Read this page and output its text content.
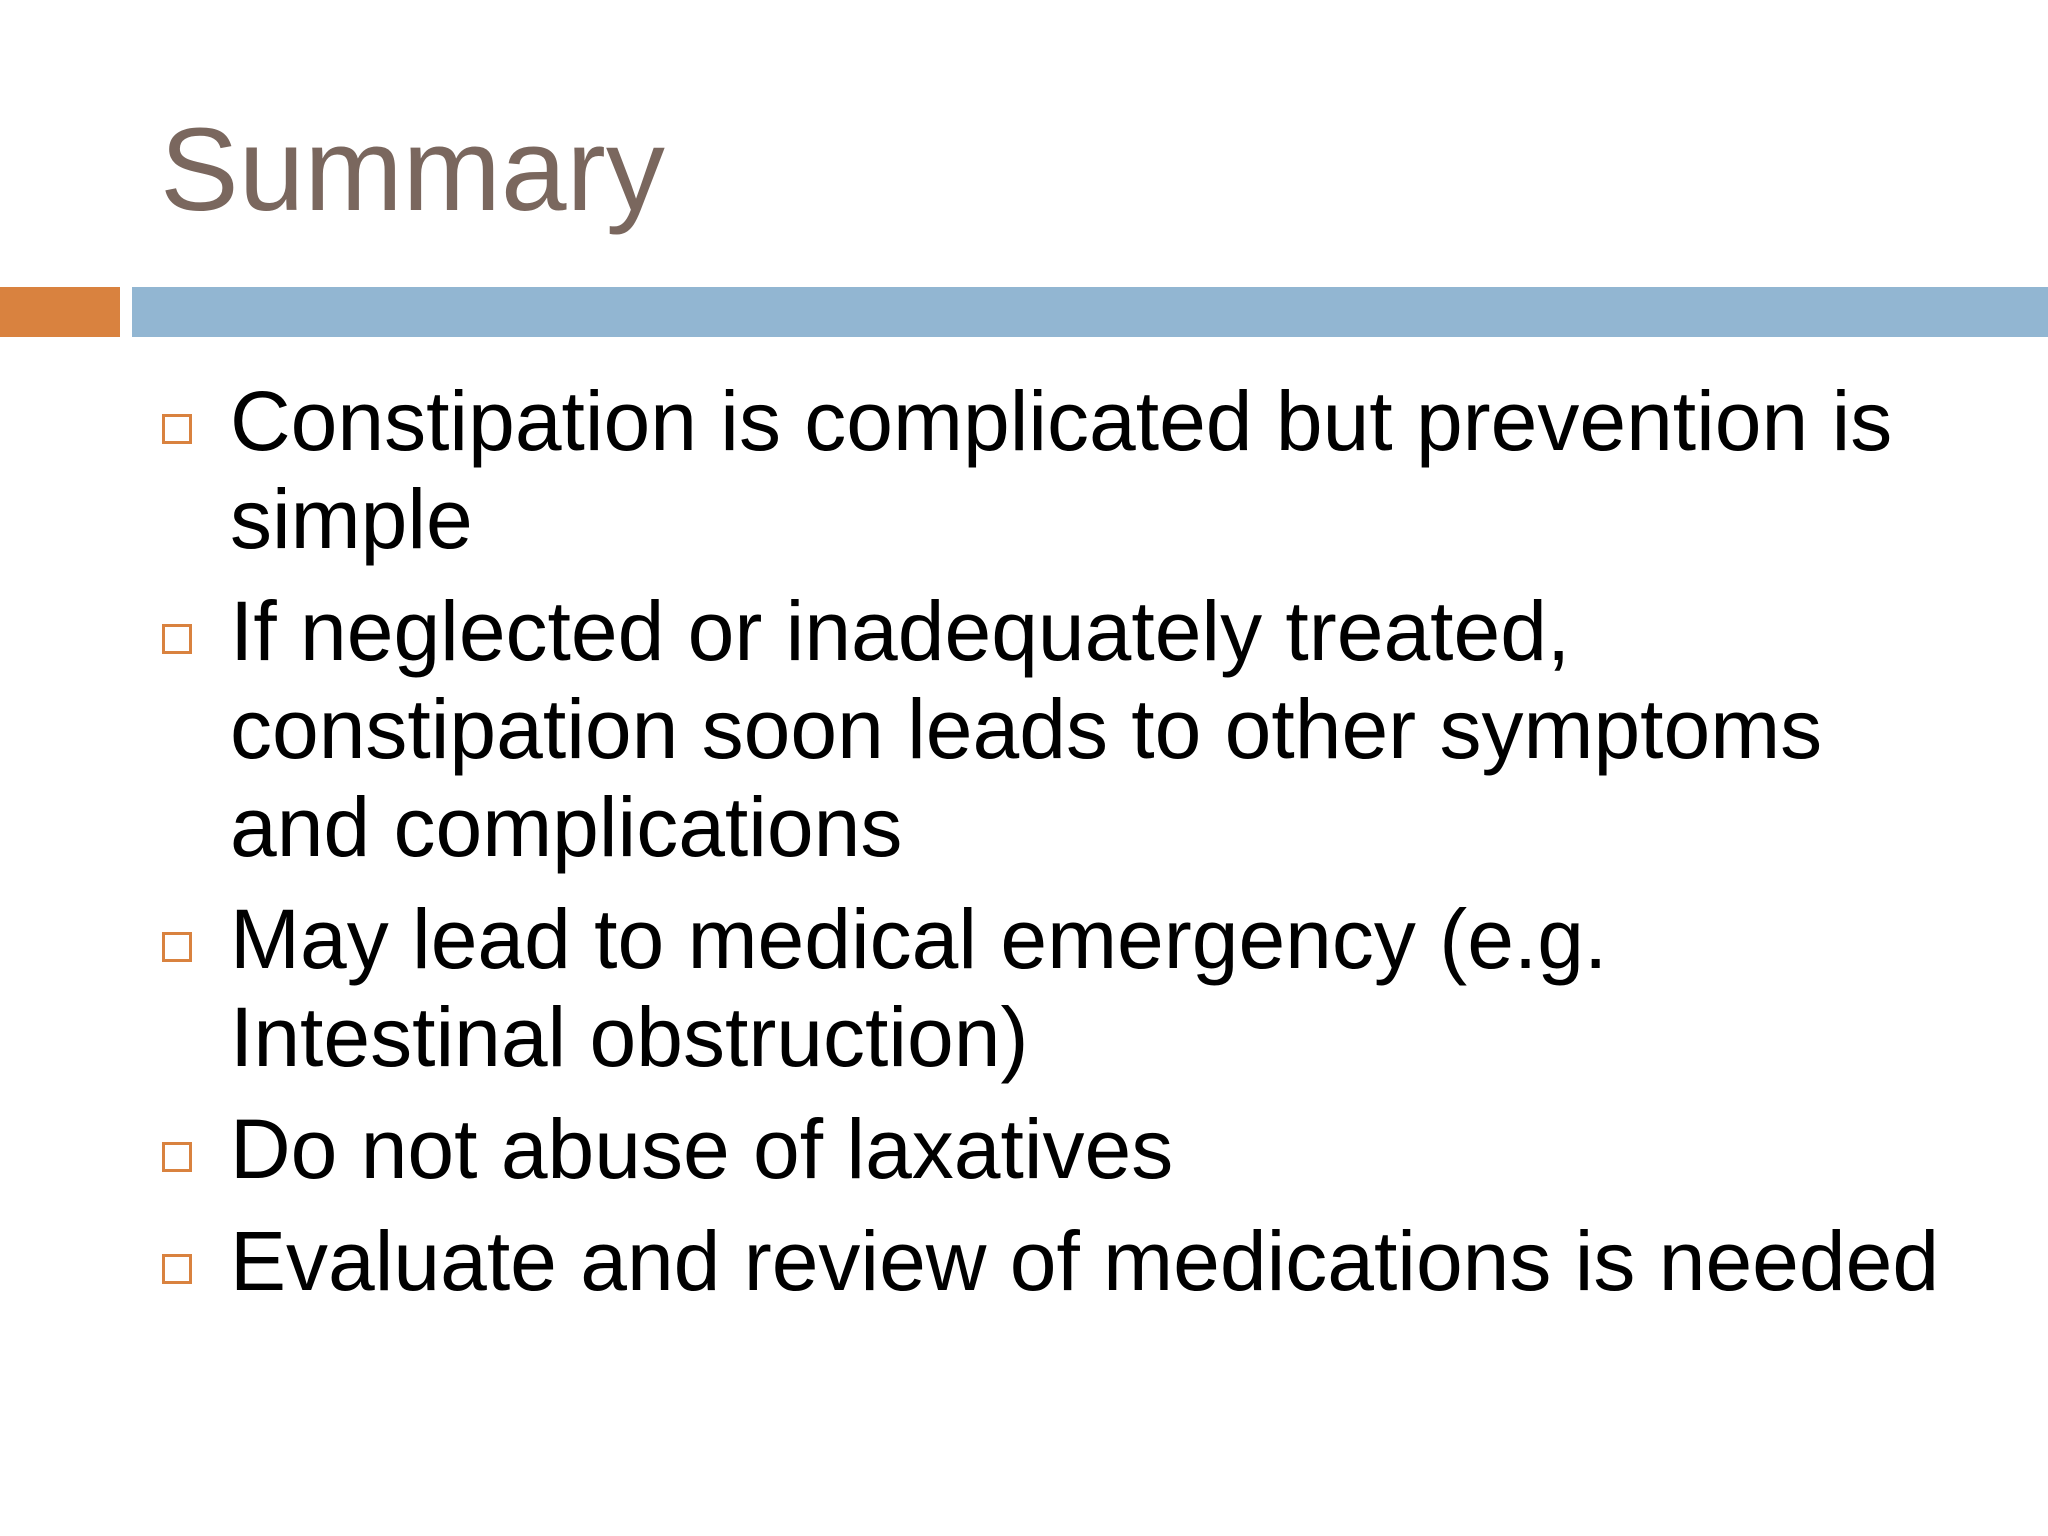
Summary
Constipation is complicated but prevention is simple
If neglected or inadequately treated, constipation soon leads to other symptoms and complications
May lead to medical emergency (e.g. Intestinal obstruction)
Do not abuse of laxatives
Evaluate and review of medications is needed
